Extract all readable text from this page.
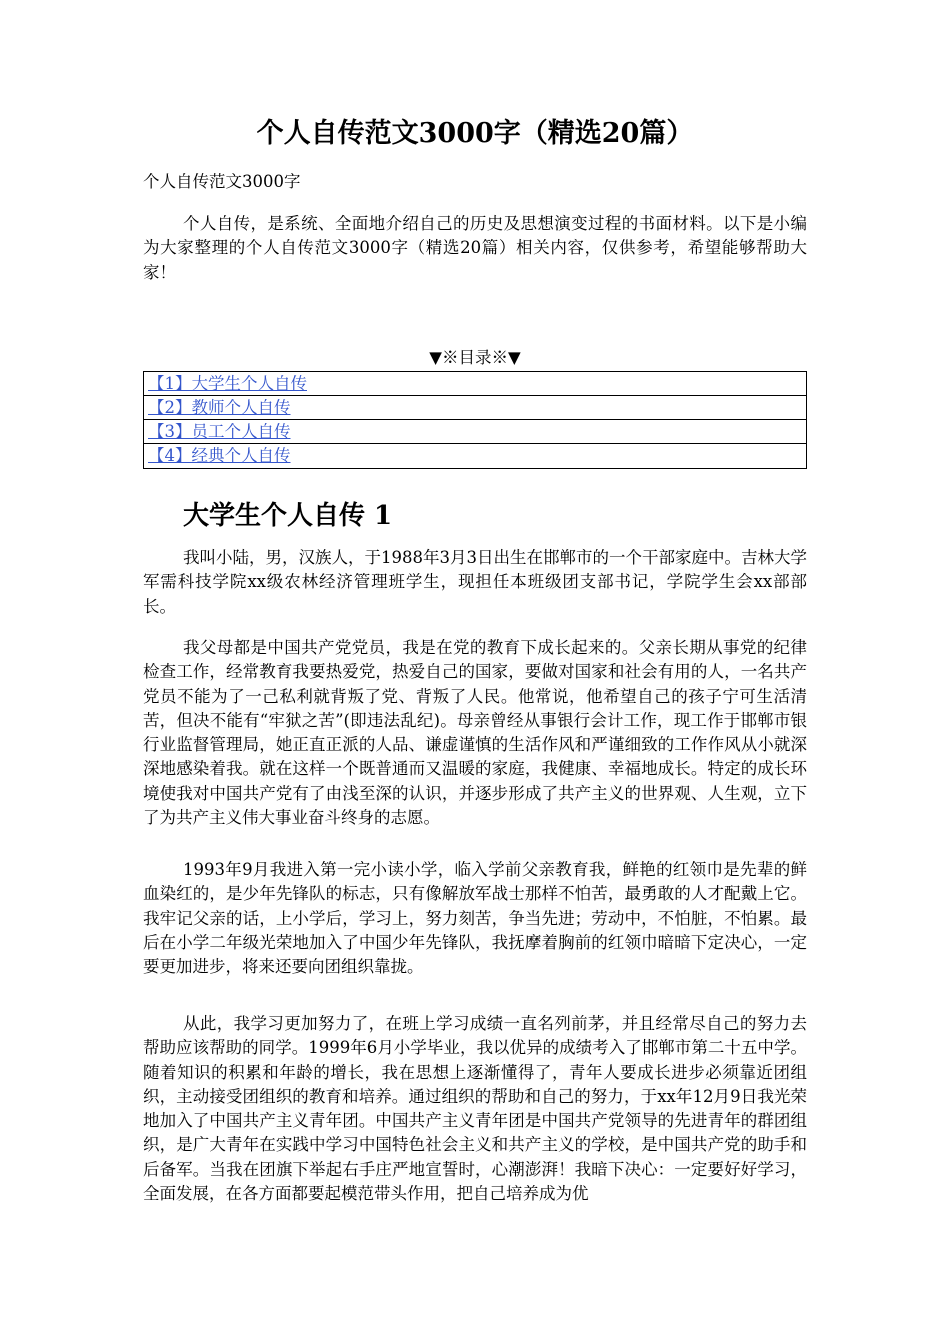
个人自传范文3000字（精选20篇）

个人自传范文3000字

个人自传，是系统、全面地介绍自己的历史及思想演变过程的书面材料。以下是小编为大家整理的个人自传范文3000字（精选20篇）相关内容，仅供参考，希望能够帮助大家！

▼※目录※▼

【1】大学生个人自传
【2】教师个人自传
【3】员工个人自传
【4】经典个人自传
大学生个人自传 1

我叫小陆，男，汉族人，于1988年3月3日出生在邯郸市的一个干部家庭中。吉林大学军需科技学院xx级农林经济管理班学生，现担任本班级团支部书记，学院学生会xx部部长。

我父母都是中国共产党党员，我是在党的教育下成长起来的。父亲长期从事党的纪律检查工作，经常教育我要热爱党，热爱自己的国家，要做对国家和社会有用的人，一名共产党员不能为了一己私利就背叛了党、背叛了人民。他常说，他希望自己的孩子宁可生活清苦，但决不能有“牢狱之苦”(即违法乱纪)。母亲曾经从事银行会计工作，现工作于邯郸市银行业监督管理局，她正直正派的人品、谦虚谨慎的生活作风和严谨细致的工作作风从小就深深地感染着我。就在这样一个既普通而又温暖的家庭，我健康、幸福地成长。特定的成长环境使我对中国共产党有了由浅至深的认识，并逐步形成了共产主义的世界观、人生观，立下了为共产主义伟大事业奋斗终身的志愿。

1993年9月我进入第一完小读小学，临入学前父亲教育我，鲜艳的红领巾是先辈的鲜血染红的，是少年先锋队的标志，只有像解放军战士那样不怕苦，最勇敢的人才配戴上它。我牢记父亲的话，上小学后，学习上，努力刻苦，争当先进；劳动中，不怕脏，不怕累。最后在小学二年级光荣地加入了中国少年先锋队，我抚摩着胸前的红领巾暗暗下定决心，一定要更加进步，将来还要向团组织靠拢。

从此，我学习更加努力了，在班上学习成绩一直名列前茅，并且经常尽自己的努力去帮助应该帮助的同学。1999年6月小学毕业，我以优异的成绩考入了邯郸市第二十五中学。随着知识的积累和年龄的增长，我在思想上逐渐懂得了，青年人要成长进步必须靠近团组织，主动接受团组织的教育和培养。通过组织的帮助和自己的努力，于xx年12月9日我光荣地加入了中国共产主义青年团。中国共产主义青年团是中国共产党领导的先进青年的群团组织，是广大青年在实践中学习中国特色社会主义和共产主义的学校，是中国共产党的助手和后备军。当我在团旗下举起右手庄严地宣誓时，心潮澎湃！我暗下决心：一定要好好学习，全面发展，在各方面都要起模范带头作用，把自己培养成为优
